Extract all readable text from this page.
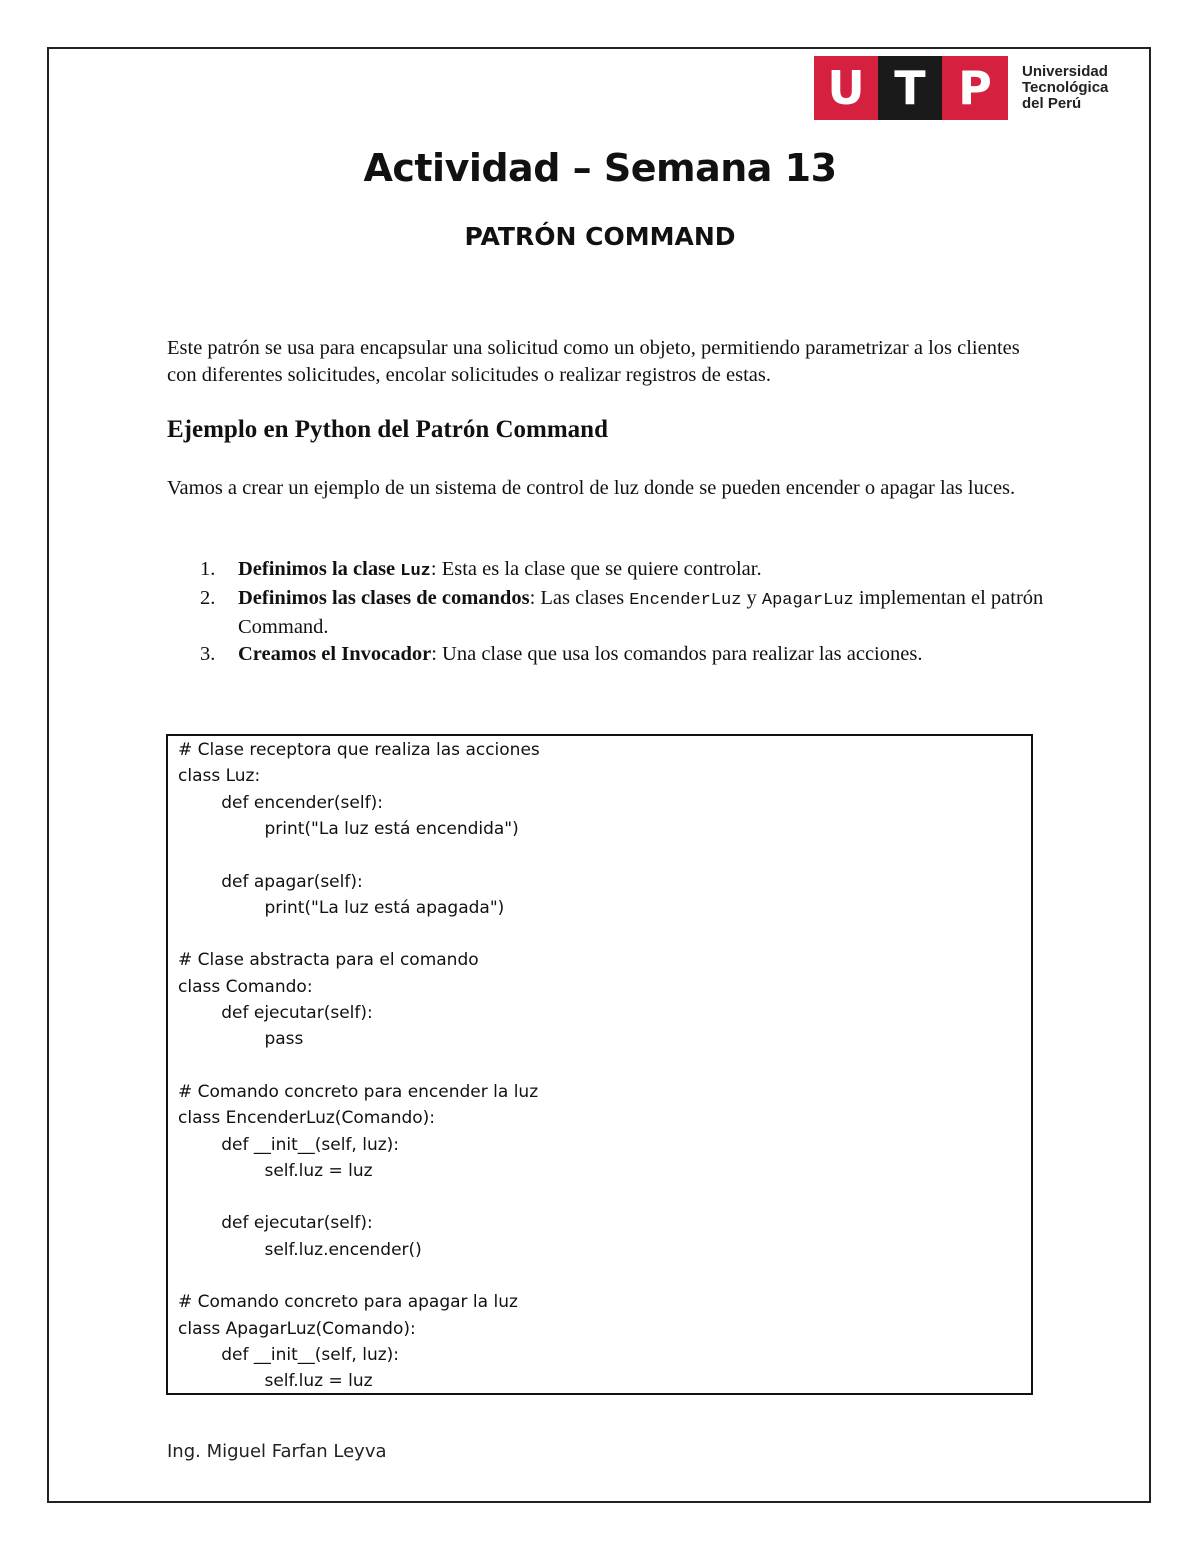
U T P	Universidad
Tecnológica
del Perú
Actividad – Semana 13
PATRÓN COMMAND
Este patrón se usa para encapsular una solicitud como un objeto, permitiendo parametrizar a los clientes con diferentes solicitudes, encolar solicitudes o realizar registros de estas.
Ejemplo en Python del Patrón Command
Vamos a crear un ejemplo de un sistema de control de luz donde se pueden encender o apagar las luces.
1. Definimos la clase Luz: Esta es la clase que se quiere controlar.
2. Definimos las clases de comandos: Las clases EncenderLuz y ApagarLuz implementan el patrón Command.
3. Creamos el Invocador: Una clase que usa los comandos para realizar las acciones.
# Clase receptora que realiza las acciones
class Luz:
def encender(self):
print("La luz está encendida")
def apagar(self):
print("La luz está apagada")
# Clase abstracta para el comando
class Comando:
def ejecutar(self):
pass
# Comando concreto para encender la luz
class EncenderLuz(Comando):
def __init__(self, luz):
self.luz = luz
def ejecutar(self):
self.luz.encender()
# Comando concreto para apagar la luz
class ApagarLuz(Comando):
def __init__(self, luz):
self.luz = luz
Ing. Miguel Farfan Leyva
